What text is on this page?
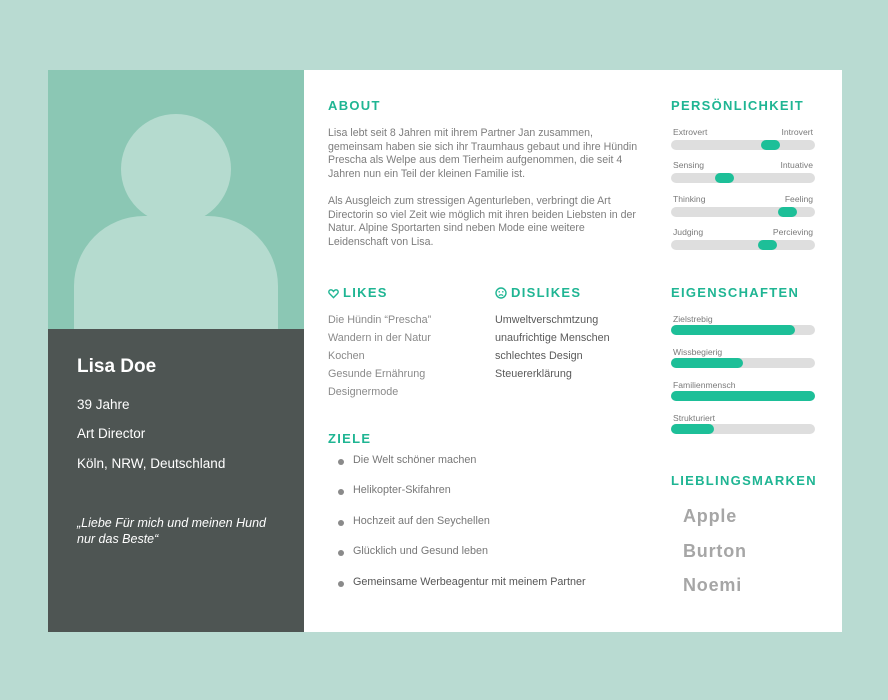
Lisa Doe
39 Jahre
Art Director
Köln, NRW, Deutschland
„Liebe Für mich und meinen Hund nur das Beste“
ABOUT
Lisa lebt seit 8 Jahren mit ihrem Partner Jan zusammen, gemeinsam haben sie sich ihr Traumhaus gebaut und ihre Hündin Prescha als Welpe aus dem Tierheim aufgenommen, die seit 4 Jahren nun ein Teil der kleinen Familie ist.
Als Ausgleich zum stressigen Agenturleben, verbringt die Art Directorin so viel Zeit wie möglich mit ihren beiden Liebsten in der Natur. Alpine Sportarten sind neben Mode eine weitere Leidenschaft von Lisa.
LIKES
Die Hündin “Prescha”
Wandern in der Natur
Kochen
Gesunde Ernährung
Designermode
DISLIKES
Umweltverschmtzung
unaufrichtige Menschen
schlechtes Design
Steuererklärung
ZIELE
Die Welt schöner machen
Helikopter-Skifahren
Hochzeit auf den Seychellen
Glücklich und Gesund leben
Gemeinsame Werbeagentur mit meinem Partner
PERSÖNLICHKEIT
Extrovert	Introvert
Sensing	Intuative
Thinking	Feeling
Judging	Percieving
EIGENSCHAFTEN
Zielstrebig
Wissbegierig
Familienmensch
Strukturiert
LIEBLINGSMARKEN
Apple
Burton
Noemi
